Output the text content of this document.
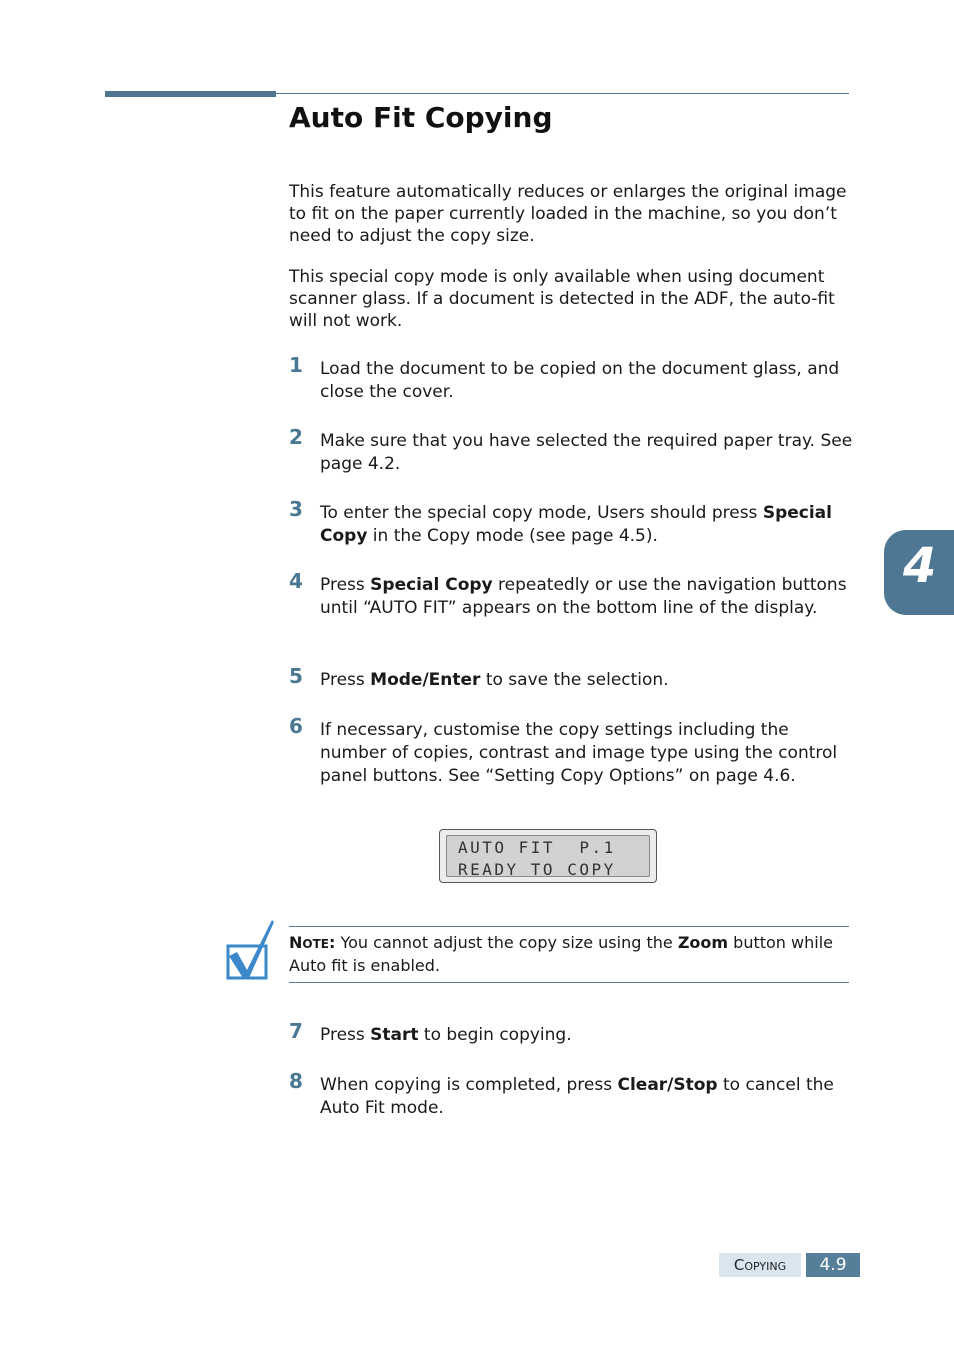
Auto Fit Copying

This feature automatically reduces or enlarges the original image to fit on the paper currently loaded in the machine, so you don’t need to adjust the copy size.

This special copy mode is only available when using document scanner glass. If a document is detected in the ADF, the auto-fit will not work.

1 Load the document to be copied on the document glass, and close the cover.
2 Make sure that you have selected the required paper tray. See page 4.2.
3 To enter the special copy mode, Users should press Special Copy in the Copy mode (see page 4.5).
4 Press Special Copy repeatedly or use the navigation buttons until “AUTO FIT” appears on the bottom line of the display.
5 Press Mode/Enter to save the selection.
6 If necessary, customise the copy settings including the number of copies, contrast and image type using the control panel buttons. See “Setting Copy Options” on page 4.6.
AUTO FIT  P.1
READY TO COPY
NOTE: You cannot adjust the copy size using the Zoom button while Auto fit is enabled.
7 Press Start to begin copying.
8 When copying is completed, press Clear/Stop to cancel the Auto Fit mode.
4
COPYING	4.9
